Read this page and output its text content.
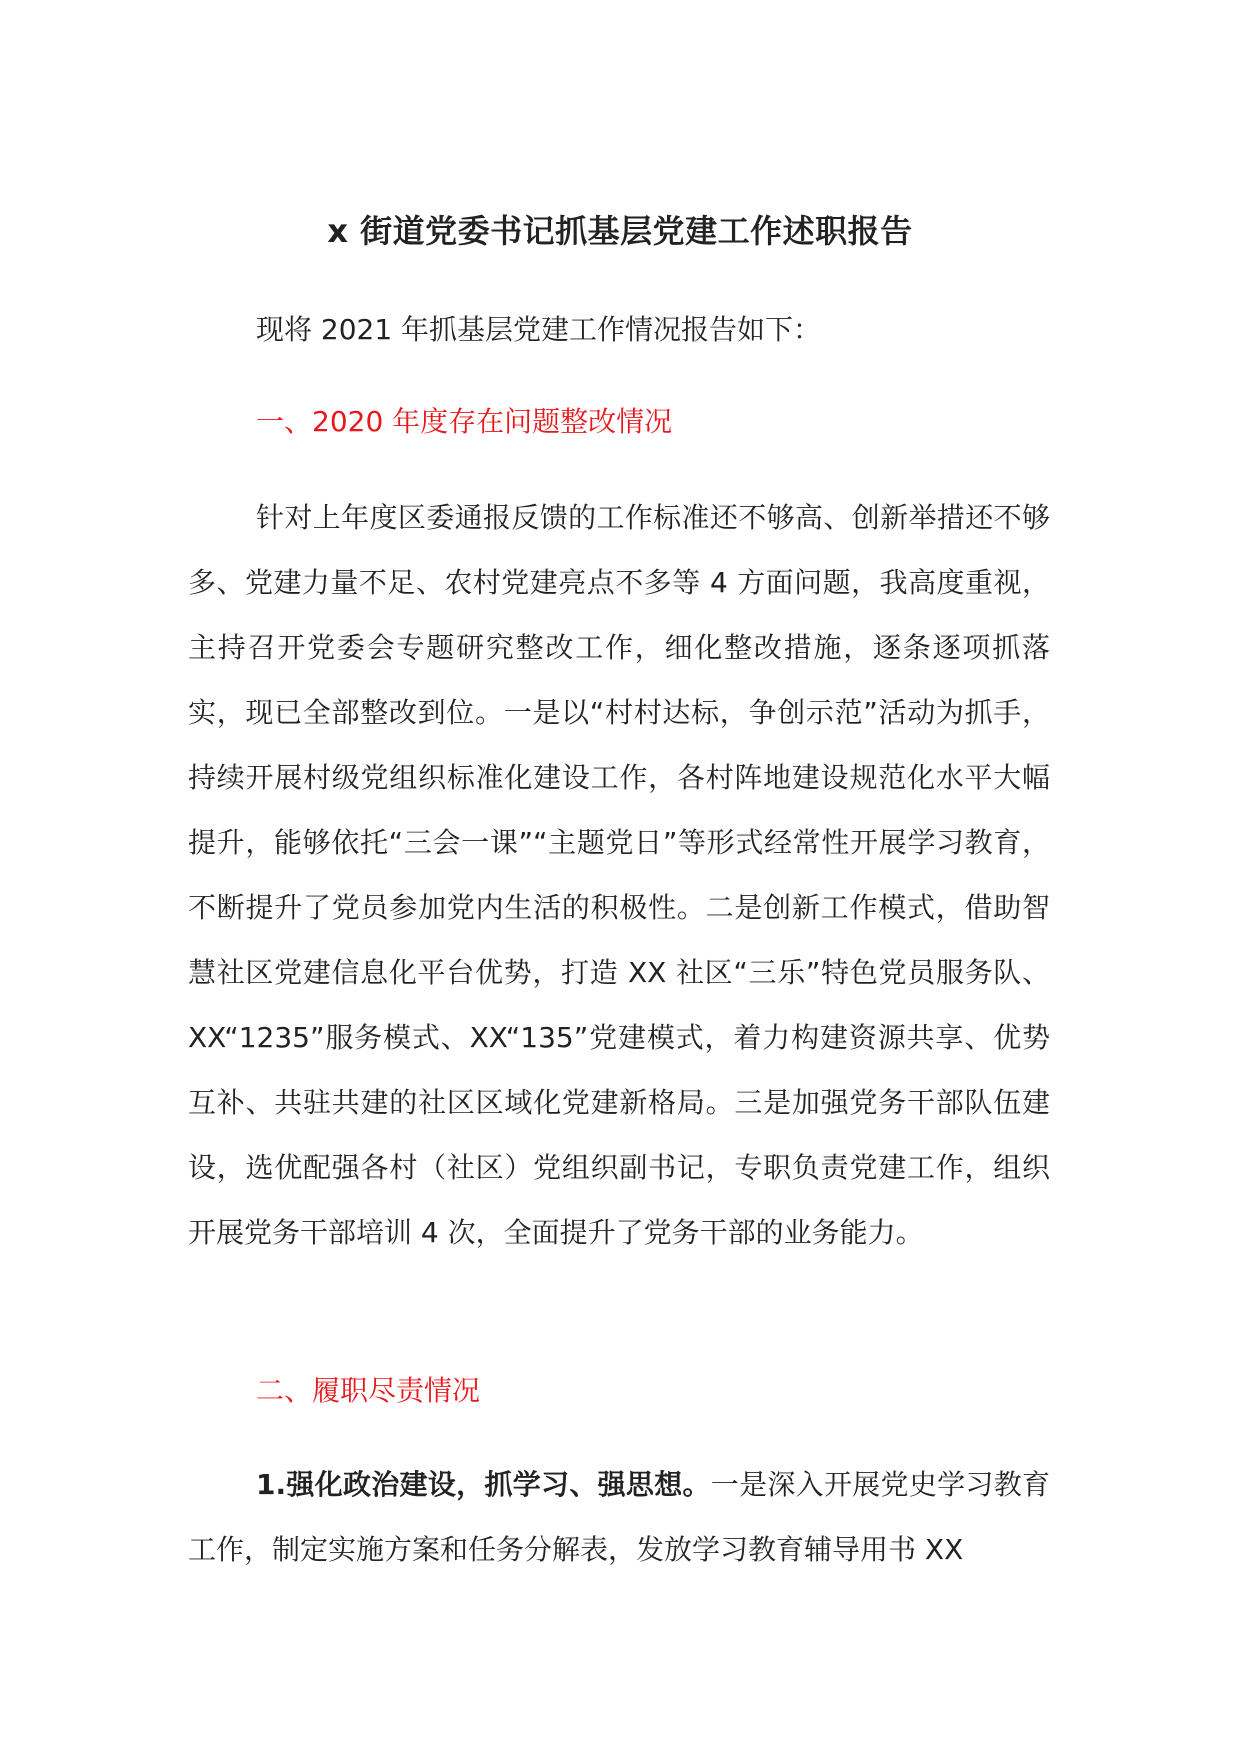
x 街道党委书记抓基层党建工作述职报告

现将 2021 年抓基层党建工作情况报告如下：

一、2020 年度存在问题整改情况

针对上年度区委通报反馈的工作标准还不够高、创新举措还不够多、党建力量不足、农村党建亮点不多等 4 方面问题，我高度重视，主持召开党委会专题研究整改工作，细化整改措施，逐条逐项抓落实，现已全部整改到位。一是以“村村达标，争创示范”活动为抓手，持续开展村级党组织标准化建设工作，各村阵地建设规范化水平大幅提升，能够依托“三会一课”“主题党日”等形式经常性开展学习教育，不断提升了党员参加党内生活的积极性。二是创新工作模式，借助智慧社区党建信息化平台优势，打造 XX 社区“三乐”特色党员服务队、XX“1235”服务模式、XX“135”党建模式，着力构建资源共享、优势互补、共驻共建的社区区域化党建新格局。三是加强党务干部队伍建设，选优配强各村（社区）党组织副书记，专职负责党建工作，组织开展党务干部培训 4 次，全面提升了党务干部的业务能力。

二、履职尽责情况

1.强化政治建设，抓学习、强思想。一是深入开展党史学习教育工作，制定实施方案和任务分解表，发放学习教育辅导用书 XX
